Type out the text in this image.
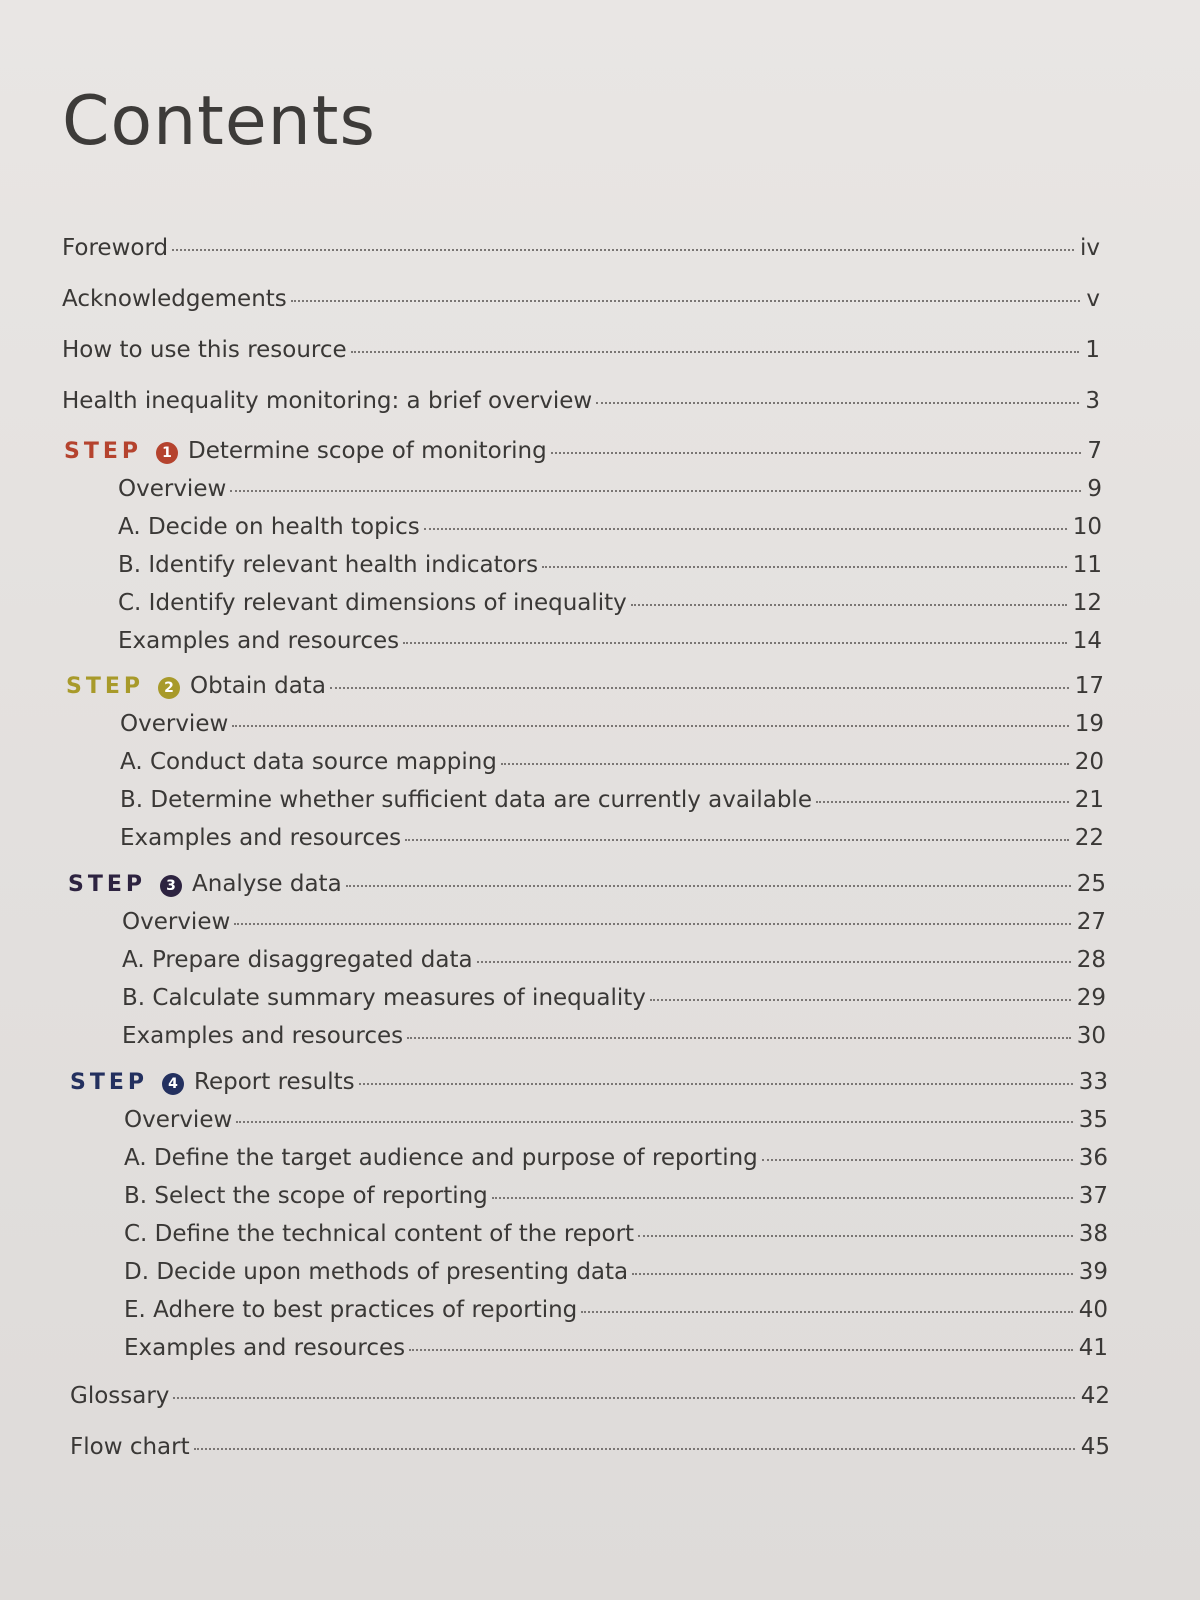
Contents
Foreword	iv
Acknowledgements	v
How to use this resource	1
Health inequality monitoring: a brief overview	3
STEP	1 Determine scope of monitoring	7
Overview	9
A. Decide on health topics	10
B. Identify relevant health indicators	11
C. Identify relevant dimensions of inequality	12
Examples and resources	14
STEP	2 Obtain data	17
Overview	19
A. Conduct data source mapping	20
B. Determine whether sufficient data are currently available	21
Examples and resources	22
STEP	3 Analyse data	25
Overview	27
A. Prepare disaggregated data	28
B. Calculate summary measures of inequality	29
Examples and resources	30
STEP	4 Report results	33
Overview	35
A. Define the target audience and purpose of reporting	36
B. Select the scope of reporting	37
C. Define the technical content of the report	38
D. Decide upon methods of presenting data	39
E. Adhere to best practices of reporting	40
Examples and resources	41
Glossary	42
Flow chart	45
